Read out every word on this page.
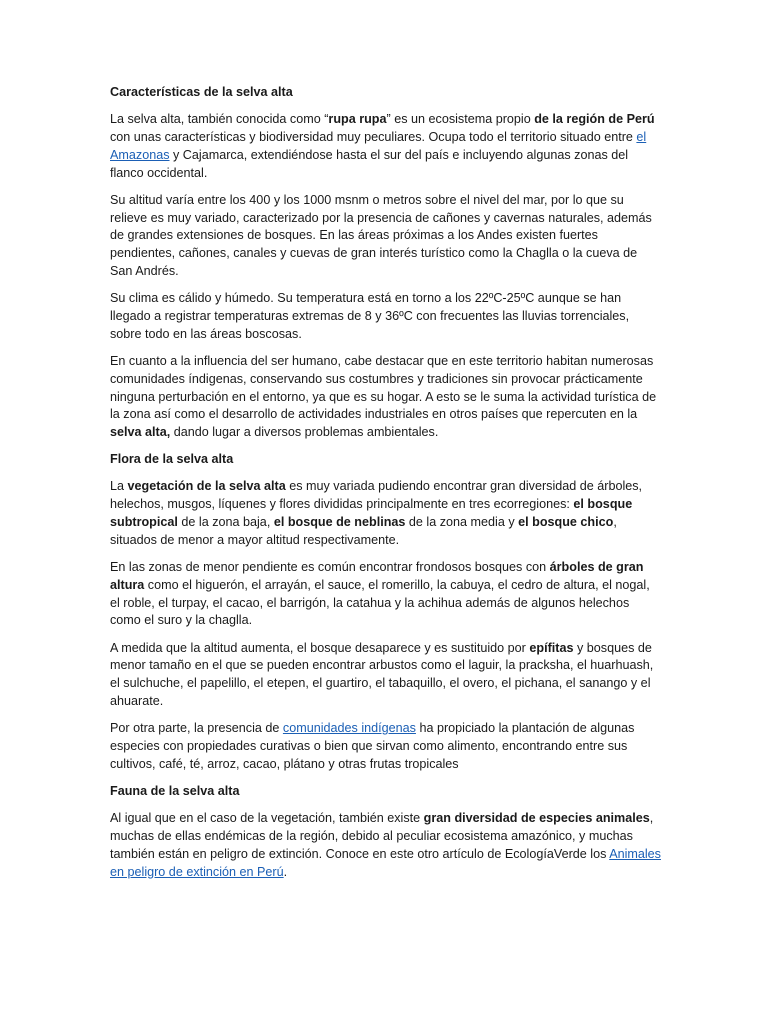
Características de la selva alta

La selva alta, también conocida como “rupa rupa” es un ecosistema propio de la región de Perú con unas características y biodiversidad muy peculiares. Ocupa todo el territorio situado entre el Amazonas y Cajamarca, extendiéndose hasta el sur del país e incluyendo algunas zonas del flanco occidental.

Su altitud varía entre los 400 y los 1000 msnm o metros sobre el nivel del mar, por lo que su relieve es muy variado, caracterizado por la presencia de cañones y cavernas naturales, además de grandes extensiones de bosques. En las áreas próximas a los Andes existen fuertes pendientes, cañones, canales y cuevas de gran interés turístico como la Chaglla o la cueva de San Andrés.

Su clima es cálido y húmedo. Su temperatura está en torno a los 22ºC-25ºC aunque se han llegado a registrar temperaturas extremas de 8 y 36ºC con frecuentes las lluvias torrenciales, sobre todo en las áreas boscosas.

En cuanto a la influencia del ser humano, cabe destacar que en este territorio habitan numerosas comunidades índigenas, conservando sus costumbres y tradiciones sin provocar prácticamente ninguna perturbación en el entorno, ya que es su hogar. A esto se le suma la actividad turística de la zona así como el desarrollo de actividades industriales en otros países que repercuten en la selva alta, dando lugar a diversos problemas ambientales.

Flora de la selva alta

La vegetación de la selva alta es muy variada pudiendo encontrar gran diversidad de árboles, helechos, musgos, líquenes y flores divididas principalmente en tres ecorregiones: el bosque subtropical de la zona baja, el bosque de neblinas de la zona media y el bosque chico, situados de menor a mayor altitud respectivamente.

En las zonas de menor pendiente es común encontrar frondosos bosques con árboles de gran altura como el higuerón, el arrayán, el sauce, el romerillo, la cabuya, el cedro de altura, el nogal, el roble, el turpay, el cacao, el barrigón, la catahua y la achihua además de algunos helechos como el suro y la chaglla.

A medida que la altitud aumenta, el bosque desaparece y es sustituido por epífitas y bosques de menor tamaño en el que se pueden encontrar arbustos como el laguir, la pracksha, el huarhuash, el sulchuche, el papelillo, el etepen, el guartiro, el tabaquillo, el overo, el pichana, el sanango y el ahuarate.

Por otra parte, la presencia de comunidades indígenas ha propiciado la plantación de algunas especies con propiedades curativas o bien que sirvan como alimento, encontrando entre sus cultivos, café, té, arroz, cacao, plátano y otras frutas tropicales

Fauna de la selva alta

Al igual que en el caso de la vegetación, también existe gran diversidad de especies animales, muchas de ellas endémicas de la región, debido al peculiar ecosistema amazónico, y muchas también están en peligro de extinción. Conoce en este otro artículo de EcologíaVerde los Animales en peligro de extinción en Perú.
